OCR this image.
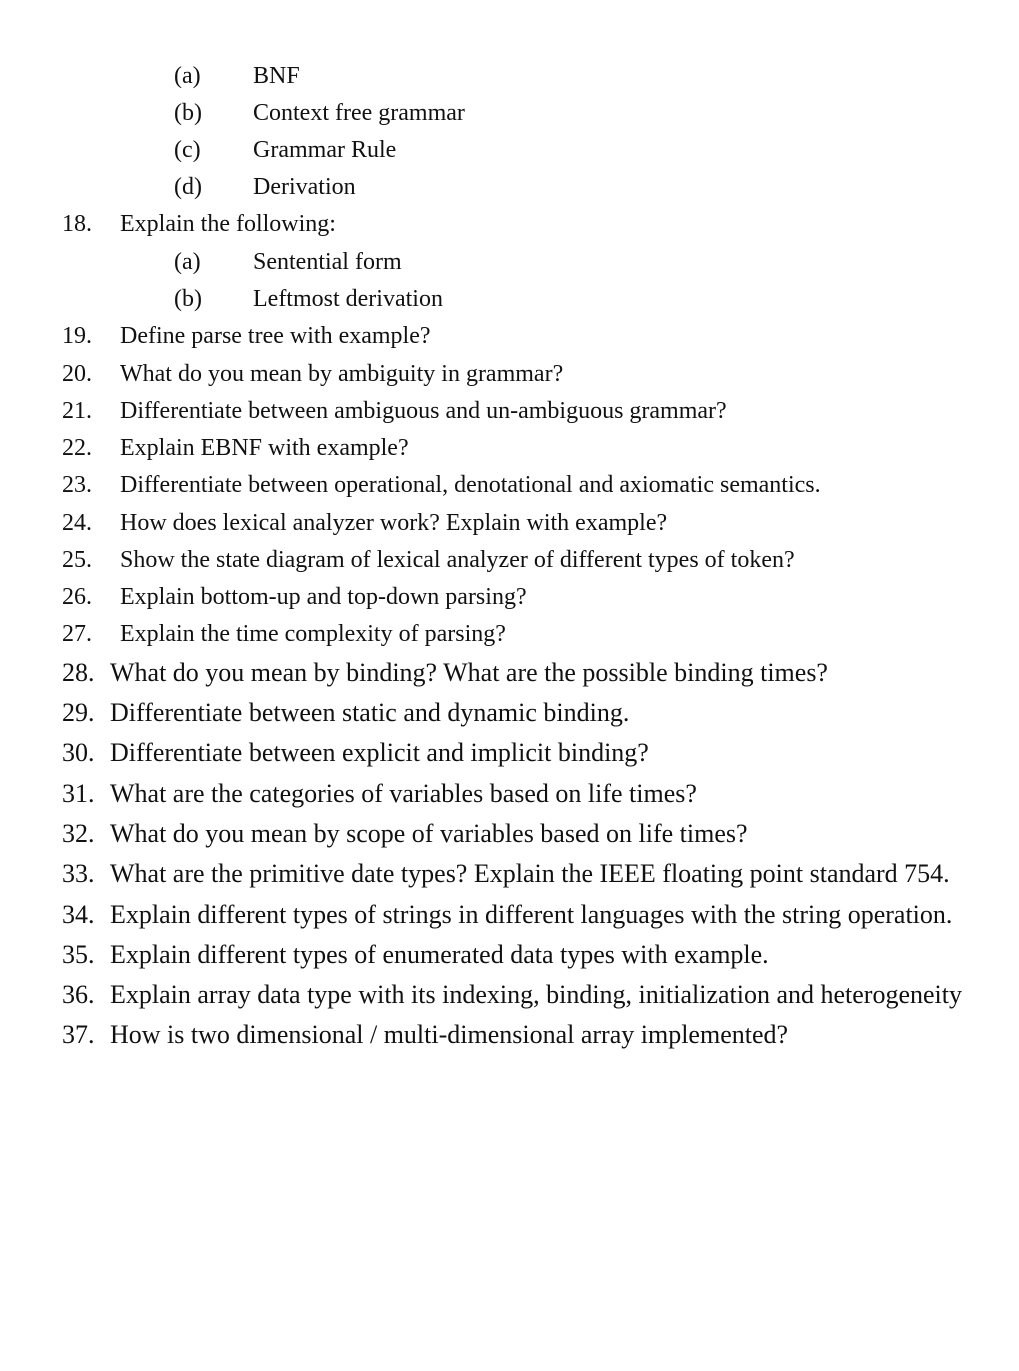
(a) BNF
(b) Context free grammar
(c) Grammar Rule
(d) Derivation
18. Explain the following:
(a) Sentential form
(b) Leftmost derivation
19. Define parse tree with example?
20. What do you mean by ambiguity in grammar?
21. Differentiate between ambiguous and un-ambiguous grammar?
22. Explain EBNF with example?
23. Differentiate between operational, denotational and axiomatic semantics.
24. How does lexical analyzer work? Explain with example?
25. Show the state diagram of lexical analyzer of different types of token?
26. Explain bottom-up and top-down parsing?
27. Explain the time complexity of parsing?
28. What do you mean by binding? What are the possible binding times?
29. Differentiate between static and dynamic binding.
30. Differentiate between explicit and implicit binding?
31. What are the categories of variables based on life times?
32. What do you mean by scope of variables based on life times?
33. What are the primitive date types? Explain the IEEE floating point standard 754.
34. Explain different types of strings in different languages with the string operation.
35. Explain different types of enumerated data types with example.
36. Explain array data type with its indexing, binding, initialization and heterogeneity
37. How is two dimensional / multi-dimensional array implemented?
